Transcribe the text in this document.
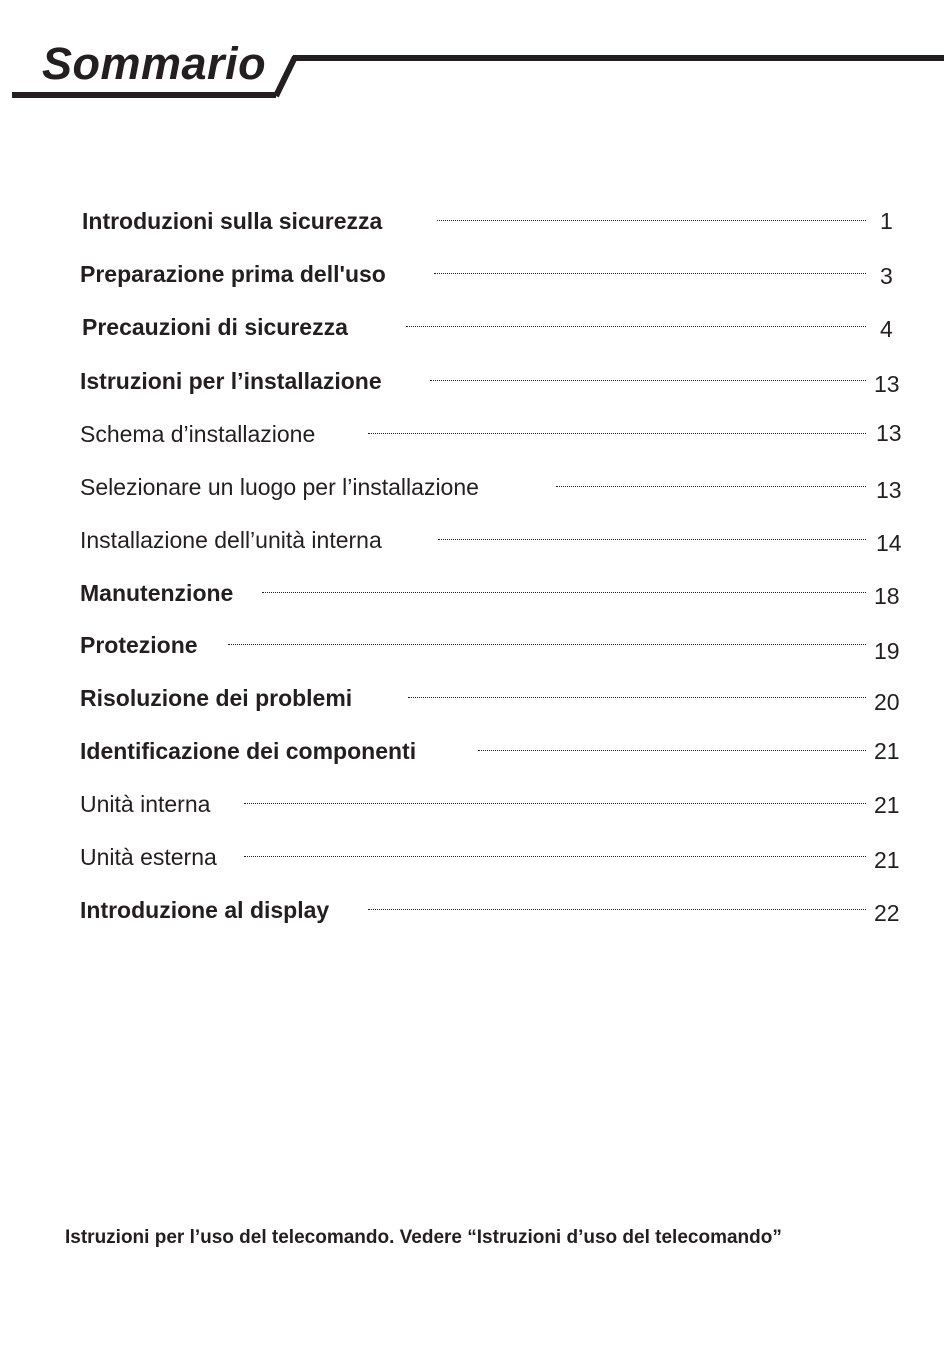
Sommario
Introduzioni sulla sicurezza	1
Preparazione prima dell'uso	3
Precauzioni di sicurezza	4
Istruzioni per l’installazione	13
Schema d’installazione	13
Selezionare un luogo per l’installazione	13
Installazione dell’unità interna	14
Manutenzione	18
Protezione	19
Risoluzione dei problemi	20
Identificazione dei componenti	21
Unità interna	21
Unità esterna	21
Introduzione al display	22
Istruzioni per l’uso del telecomando. Vedere “Istruzioni d’uso del telecomando”
